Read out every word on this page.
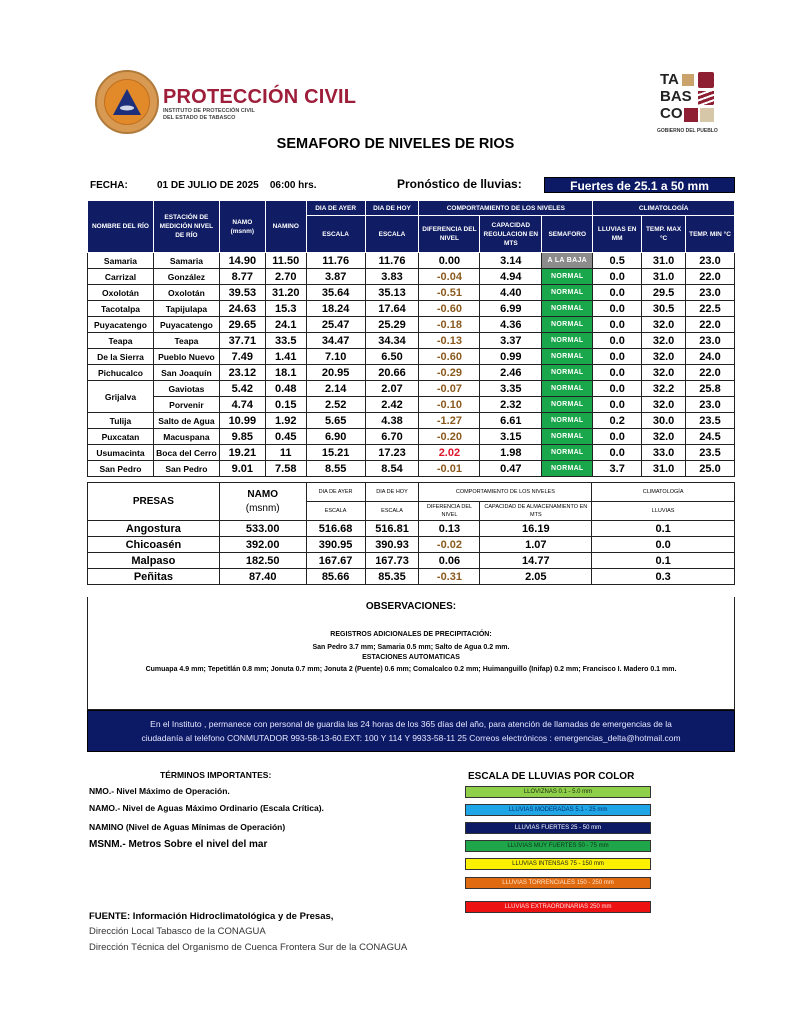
PROTECCIÓN CIVIL
INSTITUTO DE PROTECCIÓN CIVIL
DEL ESTADO DE TABASCO
TA
BAS
CO
GOBIERNO DEL PUEBLO
SEMAFORO DE NIVELES DE RIOS
FECHA:	01 DE JULIO DE 2025    06:00 hrs.	Pronóstico de lluvias:	Fuertes de 25.1 a 50 mm
NOMBRE DEL RÍO	ESTACIÓN DE MEDICIÓN NIVEL DE RÍO	NAMO (msnm)	NAMINO	DIA DE AYER	DIA DE HOY	COMPORTAMIENTO DE LOS NIVELES			CLIMATOLOGÍA		
				ESCALA	ESCALA	DIFERENCIA DEL NIVEL	CAPACIDAD REGULACION EN MTS	SEMAFORO	LLUVIAS EN MM	TEMP. MAX °C	TEMP. MIN °C
Samaria	Samaria	14.90	11.50	11.76	11.76	0.00	3.14	A LA BAJA	0.5	31.0	23.0
Carrizal	González	8.77	2.70	3.87	3.83	-0.04	4.94	NORMAL	0.0	31.0	22.0
Oxolotán	Oxolotán	39.53	31.20	35.64	35.13	-0.51	4.40	NORMAL	0.0	29.5	23.0
Tacotalpa	Tapijulapa	24.63	15.3	18.24	17.64	-0.60	6.99	NORMAL	0.0	30.5	22.5
Puyacatengo	Puyacatengo	29.65	24.1	25.47	25.29	-0.18	4.36	NORMAL	0.0	32.0	22.0
Teapa	Teapa	37.71	33.5	34.47	34.34	-0.13	3.37	NORMAL	0.0	32.0	23.0
De la Sierra	Pueblo Nuevo	7.49	1.41	7.10	6.50	-0.60	0.99	NORMAL	0.0	32.0	24.0
Pichucalco	San Joaquín	23.12	18.1	20.95	20.66	-0.29	2.46	NORMAL	0.0	32.0	22.0
Grijalva	Gaviotas	5.42	0.48	2.14	2.07	-0.07	3.35	NORMAL	0.0	32.2	25.8
	Porvenir	4.74	0.15	2.52	2.42	-0.10	2.32	NORMAL	0.0	32.0	23.0
Tulija	Salto de Agua	10.99	1.92	5.65	4.38	-1.27	6.61	NORMAL	0.2	30.0	23.5
Puxcatan	Macuspana	9.85	0.45	6.90	6.70	-0.20	3.15	NORMAL	0.0	32.0	24.5
Usumacinta	Boca del Cerro	19.21	11	15.21	17.23	2.02	1.98	NORMAL	0.0	33.0	23.5
San Pedro	San Pedro	9.01	7.58	8.55	8.54	-0.01	0.47	NORMAL	3.7	31.0	25.0
PRESAS	NAMO
(msnm)	DIA DE AYER	DIA DE HOY	COMPORTAMIENTO DE LOS NIVELES		CLIMATOLOGÍA
		ESCALA	ESCALA	DIFERENCIA DEL NIVEL	CAPACIDAD DE ALMACENAMIENTO EN MTS	LLUVIAS
Angostura	533.00	516.68	516.81	0.13	16.19	0.1
Chicoasén	392.00	390.95	390.93	-0.02	1.07	0.0
Malpaso	182.50	167.67	167.73	0.06	14.77	0.1
Peñitas	87.40	85.66	85.35	-0.31	2.05	0.3
OBSERVACIONES:
REGISTROS ADICIONALES DE PRECIPITACIÓN:
San Pedro 3.7 mm; Samaria 0.5 mm; Salto de Agua 0.2 mm.
ESTACIONES AUTOMATICAS
Cumuapa 4.9 mm; Tepetitlán 0.8 mm; Jonuta 0.7 mm; Jonuta 2 (Puente) 0.6 mm; Comalcalco 0.2 mm; Huimanguillo (Inifap) 0.2 mm; Francisco I. Madero 0.1 mm.
En el Instituto , permanece con personal de guardia las 24 horas de los 365 días del año, para atención de llamadas de emergencias de la
ciudadanía al teléfono CONMUTADOR 993-58-13-60.EXT: 100 Y 114 Y 9933-58-11 25 Correos electrónicos : emergencias_delta@hotmail.com
TÉRMINOS IMPORTANTES:
NMO.- Nivel Máximo de Operación.
NAMO.- Nivel de Aguas Máximo Ordinario (Escala Crítica).
NAMINO (Nivel de Aguas Mínimas de Operación)
MSNM.- Metros Sobre el nivel del mar
ESCALA DE LLUVIAS POR COLOR
LLOVIZNAS 0.1 - 5.0 mm
LLUVIAS MODERADAS 5.1 - 25 mm
LLUVIAS FUERTES 25 - 50 mm
LLUVIAS MUY FUERTES 50 - 75 mm
LLUVIAS INTENSAS 75 - 150 mm
LLUVIAS TORRENCIALES 150 - 250 mm
LLUVIAS EXTRAORDINARIAS 250 mm
FUENTE: Información Hidroclimatológica y de Presas,
Dirección Local Tabasco de la CONAGUA
Dirección Técnica del Organismo de Cuenca Frontera Sur de la CONAGUA
